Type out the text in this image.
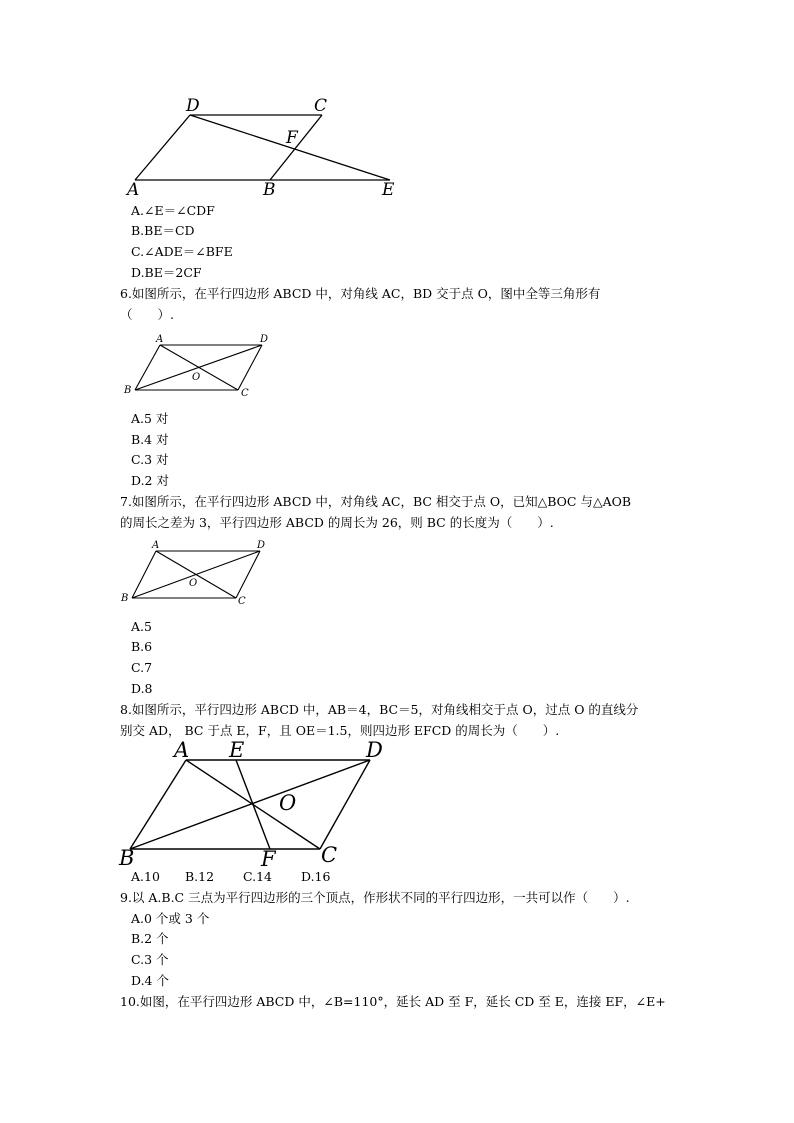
D	C
F
A	B	E
A.∠E＝∠CDF
B.BE＝CD
C.∠ADE＝∠BFE
D.BE＝2CF
6.如图所示，在平行四边形 ABCD 中，对角线 AC，BD 交于点 O，图中全等三角形有
（　　）.
A	D
O
B	C
A.5 对
B.4 对
C.3 对
D.2 对
7.如图所示，在平行四边形 ABCD 中，对角线 AC，BC 相交于点 O，已知△BOC 与△AOB
的周长之差为 3，平行四边形 ABCD 的周长为 26，则 BC 的长度为（　　）.
A	D
O
B	C
A.5
B.6
C.7
D.8
8.如图所示，平行四边形 ABCD 中，AB＝4，BC＝5，对角线相交于点 O，过点 O 的直线分
别交 AD， BC 于点 E，F，且 OE＝1.5，则四边形 EFCD 的周长为（　　）.
A E	D
O
B	F C
A.10 B.12 C.14 D.16
9.以 A.B.C 三点为平行四边形的三个顶点，作形状不同的平行四边形，一共可以作（　　）.
A.0 个或 3 个
B.2 个
C.3 个
D.4 个
10.如图，在平行四边形 ABCD 中，∠B=110°，延长 AD 至 F，延长 CD 至 E，连接 EF，∠E+
